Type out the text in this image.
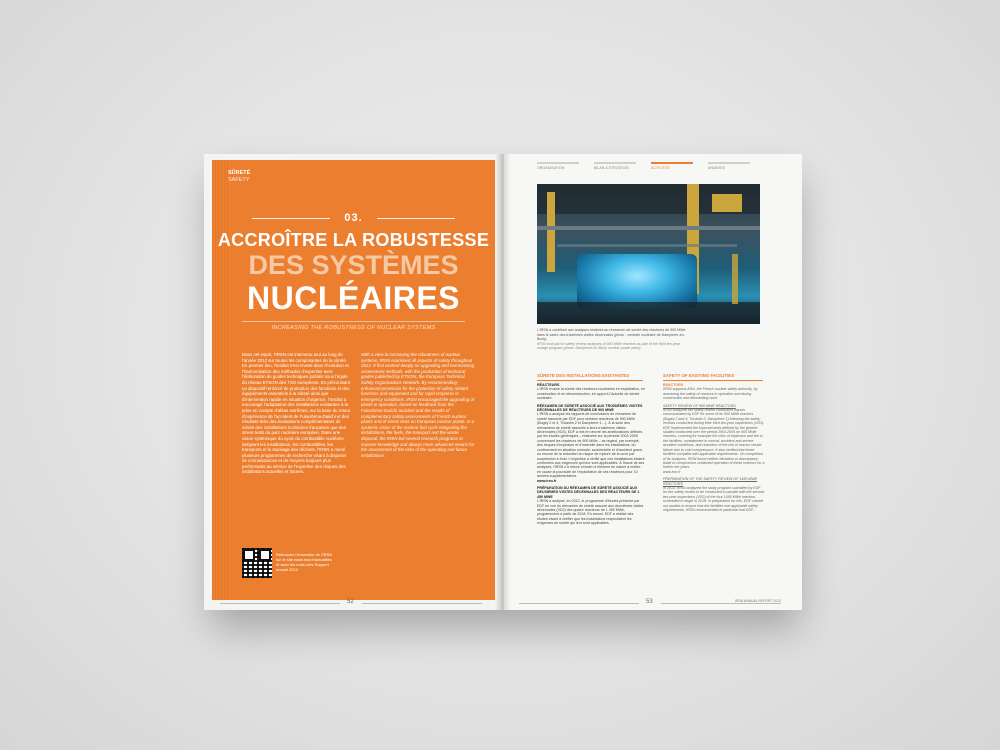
SÛRETÉ
SAFETY
03.
ACCROÎTRE LA ROBUSTESSE
DES SYSTÈMES
NUCLÉAIRES
INCREASING THE ROBUSTNESS OF NUCLEAR SYSTEMS
Dans cet esprit, l'IRSN est intervenu tout au long de l'année 2012 sur toutes les composantes de la sûreté. En premier lieu, l'Institut s'est investi dans l'évolution et l'harmonisation des méthodes d'expertise avec l'élaboration de guides techniques publiés sous l'égide du réseau ETSON des TSO européens. En préconisant un dispositif renforcé de protection des fonctions et des équipements essentiels à la sûreté ainsi que d'intervention rapide en situation d'urgence, l'Institut a encouragé l'adaptation des installations existantes à la prise en compte d'aléas extrêmes, sur la base du retour d'expérience de l'accident de Fukushima-Daiichi et des résultats tirés des évaluations complémentaires de sûreté des installations nucléaires françaises que des stress tests du parc nucléaire européen. Dans une vision systémique du cycle du combustible nucléaire intégrant les installations, les combustibles, les transports et le stockage des déchets, l'IRSN a mené plusieurs programmes de recherche visant à disposer de connaissances et de moyens toujours plus performants au service de l'expertise des risques des installations actuelles et futures.
With a view to increasing the robustness of nuclear systems, IRSN examined all aspects of safety throughout 2012. It first worked deeply on upgrading and harmonizing assessment methods, with the production of technical guides published by ETSON, the European Technical Safety Organisations Network. By recommending enhanced provisions for the protection of safety related functions and equipment and for rapid response in emergency conditions, IRSN encouraged the upgrading of plants in operation, based on feedback from the Fukushima-Daiichi accident and the results of complementary safety assessments of French nuclear plants and of stress tests on European nuclear plants. In a systemic vision of the nuclear fuel cycle integrating the installations, the fuels, the transport and the waste disposal, the IRSN led several research programs to improve knowledge and always more advanced means for the assessment of the risks of the operating and future installations.
Retrouvez l'ensemble de l'IRSN sur le site www.irsn.fr/actualites et avec les mots-clés Rapport annuel 2012
52
ORGANISATION	BILAN & STRATÉGIE	ACTIVITÉS	ANNEXES
L'IRSN a contribué aux analyses relatives au réexamen de sûreté des réacteurs de 900 MWe dans le cadre des troisièmes visites décennales (photo : centrale nucléaire de Dampierre-en-Burly).
IRSN took part in safety review analyses of 900 MWe reactors as part of the third ten-year outage program (photo: Dampierre-en-Burly nuclear power plant).
SÛRETÉ DES INSTALLATIONS EXISTANTES
RÉACTEURS
L'IRSN évalue la sûreté des réacteurs nucléaires en exploitation, en construction et en déconstruction, en appui à l'Autorité de sûreté nucléaire.
RÉEXAMEN DE SÛRETÉ ASSOCIÉ AUX TROISIÈMES VISITES DÉCENNALES DE RÉACTEURS DE 900 MWE
L'IRSN a analysé les rapports de conclusions de réexamen de sûreté transmis par EDF pour certains réacteurs de 900 MWe (Bugey 2 et 4, Tricastin 2 et Dampierre 1…). À la suite des réexamens de sûreté associés à leurs troisièmes visites décennales (VD3), EDF a mis en œuvre les améliorations définies par les études génériques – réalisées sur la période 2003-2009 concernant les réacteurs de 900 MWe – as regard, par exemple, des risques d'explosion et d'incendie dans les installations, du confinement en situation normale, accidentelle et d'accident grave, ou encore de la réduction du risque de rupture de la cuve par surpression à froid. L'expertise a vérifié que ces installations étaient conformes aux exigences qui leur sont applicables. À l'issue de ses analyses, l'IRSN n'a relevé ni écart ni élément de nature à mettre en cause la poursuite de l'exploitation de ces réacteurs pour 10 années supplémentaires.
www.irsn.fr
PRÉPARATION DU RÉEXAMEN DE SÛRETÉ ASSOCIÉ AUX DEUXIÈMES VISITES DÉCENNALES DES RÉACTEURS DE 1 450 MWE
L'IRSN a analysé, en 2012, le programme d'études présenté par EDF en vue du réexamen de sûreté associé aux deuxièmes visites décennales (VD2) des quatre réacteurs de 1 450 MWe, programmées à partir de 2018. En amont, EDF a réalisé des études visant à vérifier que les installations respectaient les exigences de sûreté qui leur sont applicables.
SAFETY OF EXISTING FACILITIES
REACTORS
IRSN supports ASN, the French nuclear safety authority, by assessing the safety of reactors in operation and during construction and dismantling work.
SAFETY REVIEW OF 900 MWE REACTORS
IRSN analyzed the safety review conclusion reports communicated by EDF for some of its 900 MWe reactors (Bugey 2 and 4, Tricastin 2, Dampierre 1) following the safety reviews conducted during their third ten-year inspections (VD3). EDF implemented the improvements defined by the generic studies conducted over the period 2003-2009 on 900 MWe reactors, covering for example the risks of explosion and fire in the facilities, containment in normal, accident and severe accident conditions, and reduction of the risk of reactor vessel failure due to cold overpressure. It also verified that these facilities complied with applicable requirements. On completion of its analyses, IRSN found neither deviation or discrepancy liable to compromise continued operation of these reactors for a further ten years.
www.irsn.fr
PREPARATION OF THE SAFETY REVIEW OF 1450 MWE REACTORS
In 2012, IRSN analyzed the study program submitted by EDF for the safety review to be conducted in parallel with the second ten-year inspections (VD2) of the four 1450 MWe reactors, scheduled to begin in 2018. In preparation for this, EDF carried out studies to ensure that the facilities met applicable safety requirements. IRSN recommended in particular that EDF...
53	IRSN ANNUAL REPORT 2012
